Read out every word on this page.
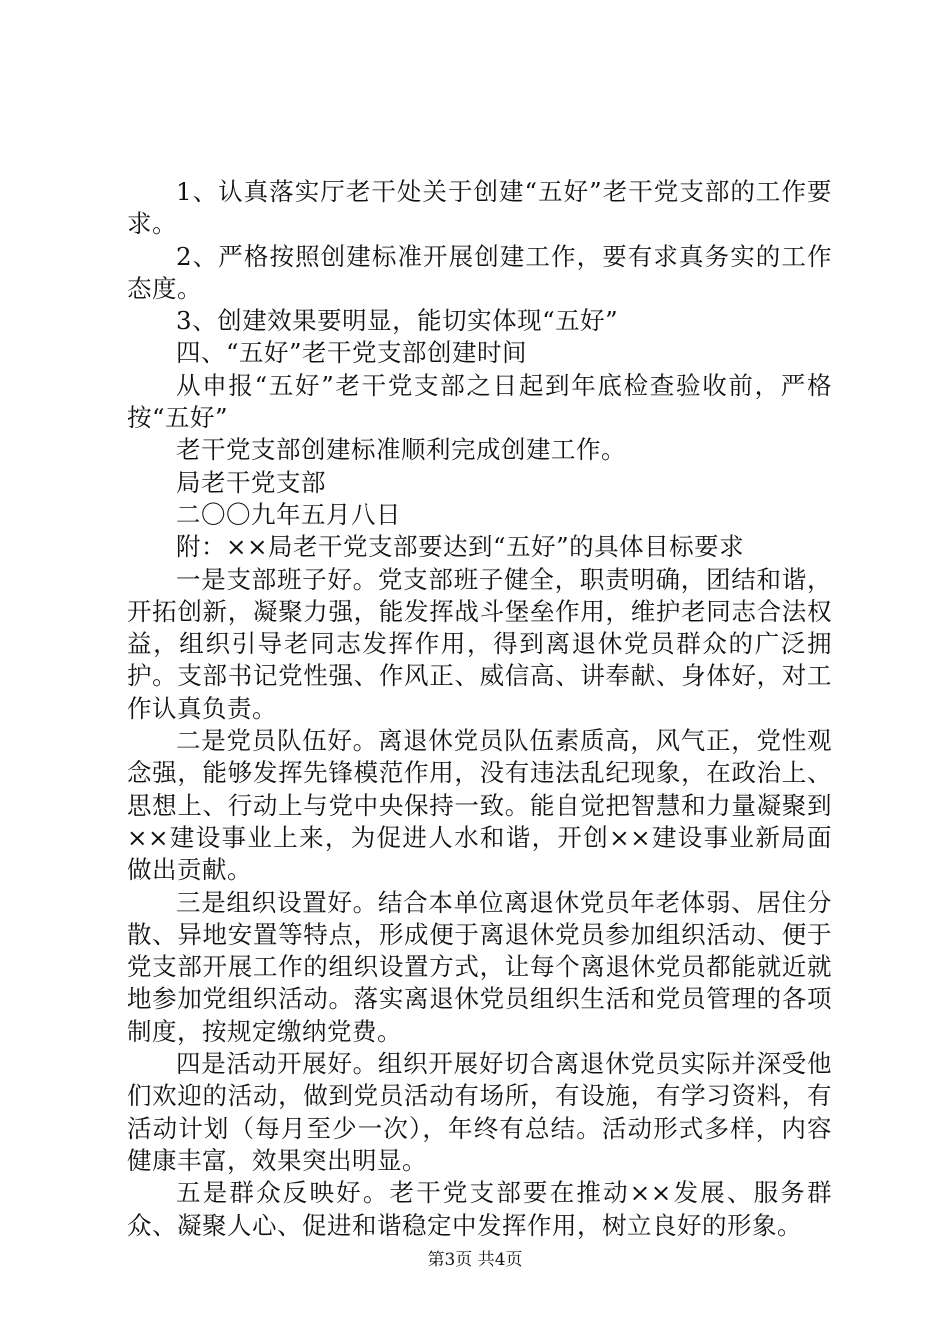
1、认真落实厅老干处关于创建“五好”老干党支部的工作要求。

2、严格按照创建标准开展创建工作，要有求真务实的工作态度。

3、创建效果要明显，能切实体现“五好”

四、“五好”老干党支部创建时间

从申报“五好”老干党支部之日起到年底检查验收前，严格按“五好”

老干党支部创建标准顺利完成创建工作。

局老干党支部

二〇〇九年五月八日

附：××局老干党支部要达到“五好”的具体目标要求

一是支部班子好。党支部班子健全，职责明确，团结和谐，开拓创新，凝聚力强，能发挥战斗堡垒作用，维护老同志合法权益，组织引导老同志发挥作用，得到离退休党员群众的广泛拥护。支部书记党性强、作风正、威信高、讲奉献、身体好，对工作认真负责。

二是党员队伍好。离退休党员队伍素质高，风气正，党性观念强，能够发挥先锋模范作用，没有违法乱纪现象，在政治上、思想上、行动上与党中央保持一致。能自觉把智慧和力量凝聚到××建设事业上来，为促进人水和谐，开创××建设事业新局面做出贡献。

三是组织设置好。结合本单位离退休党员年老体弱、居住分散、异地安置等特点，形成便于离退休党员参加组织活动、便于党支部开展工作的组织设置方式，让每个离退休党员都能就近就地参加党组织活动。落实离退休党员组织生活和党员管理的各项制度，按规定缴纳党费。

四是活动开展好。组织开展好切合离退休党员实际并深受他们欢迎的活动，做到党员活动有场所，有设施，有学习资料，有活动计划（每月至少一次），年终有总结。活动形式多样，内容健康丰富，效果突出明显。

五是群众反映好。老干党支部要在推动××发展、服务群众、凝聚人心、促进和谐稳定中发挥作用，树立良好的形象。

第3页 共4页
